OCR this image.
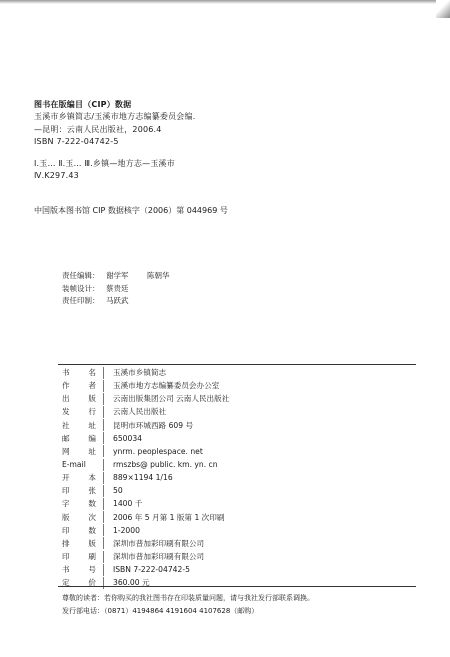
图书在版编目（CIP）数据
玉溪市乡镇简志/玉溪市地方志编纂委员会编.
—昆明：云南人民出版社，2006.4
ISBN 7-222-04742-5
Ⅰ.玉… Ⅱ.玉… Ⅲ.乡镇—地方志—玉溪市
Ⅳ.K297.43
中国版本图书馆 CIP 数据核字（2006）第 044969 号
责任编辑： 谢学军	陈朝华
装帧设计： 蔡贵廷
责任印制： 马跃武
书名 玉溪市乡镇简志
作者 玉溪市地方志编纂委员会办公室
出版 云南出版集团公司 云南人民出版社
发行 云南人民出版社
社址 昆明市环城西路 609 号
邮编 650034
网址 ynrm. peoplespace. net
E-mail	rmszbs@ public. km. yn. cn
开本 889×1194 1/16
印张 50
字数 1400 千
版次 2006 年 5 月第 1 版第 1 次印刷
印数 1-2000
排版 深圳市普加彩印刷有限公司
印刷 深圳市普加彩印刷有限公司
书号 ISBN 7-222-04742-5
定价 360.00 元
尊敬的读者：若你购买的我社图书存在印装质量问题，请与我社发行部联系调换。
发行部电话：（0871）4194864 4191604 4107628（邮购）
